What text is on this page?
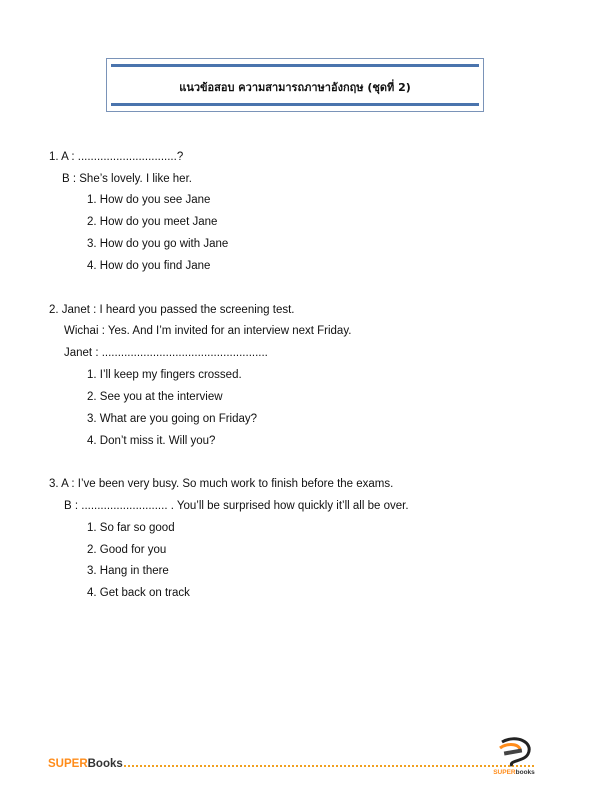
แนวข้อสอบ ความสามารถภาษาอังกฤษ (ชุดที่ 2)
1. A : ...............................?
B : She’s lovely. I like her.
1. How do you see Jane
2. How do you meet Jane
3. How do you go with Jane
4. How do you find Jane
2. Janet : I heard you passed the screening test.
Wichai : Yes. And I’m invited for an interview next Friday.
Janet : ....................................................
1. I’ll keep my fingers crossed.
2. See you at the interview
3. What are you going on Friday?
4. Don’t miss it. Will you?
3. A : I’ve been very busy. So much work to finish before the exams.
B : ........................... . You’ll be surprised how quickly it’ll all be over.
1. So far so good
2. Good for you
3. Hang in there
4. Get back on track
SUPERBooks
SUPERbooks
